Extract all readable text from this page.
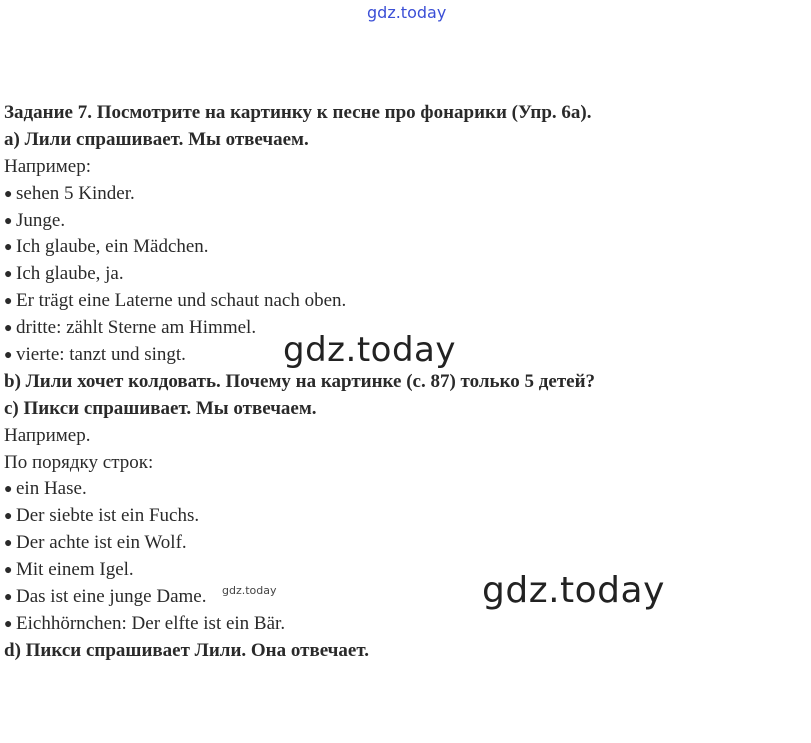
gdz.today
gdz.today
gdz.today
gdz.today
Задание 7. Посмотрите на картинку к песне про фонарики (Упр. 6а).
а) Лили спрашивает. Мы отвечаем.
Например:
● sehen 5 Kinder.
● Junge.
● Ich glaube, ein Mädchen.
● Ich glaube, ja.
● Er trägt eine Laterne und schaut nach oben.
● dritte: zählt Sterne am Himmel.
● vierte: tanzt und singt.
b) Лили хочет колдовать. Почему на картинке (с. 87) только 5 детей?
c) Пикси спрашивает. Мы отвечаем.
Например.
По порядку строк:
● ein Hase.
● Der siebte ist ein Fuchs.
● Der achte ist ein Wolf.
● Mit einem Igel.
● Das ist eine junge Dame.
● Eichhörnchen: Der elfte ist ein Bär.
d) Пикси спрашивает Лили. Она отвечает.
